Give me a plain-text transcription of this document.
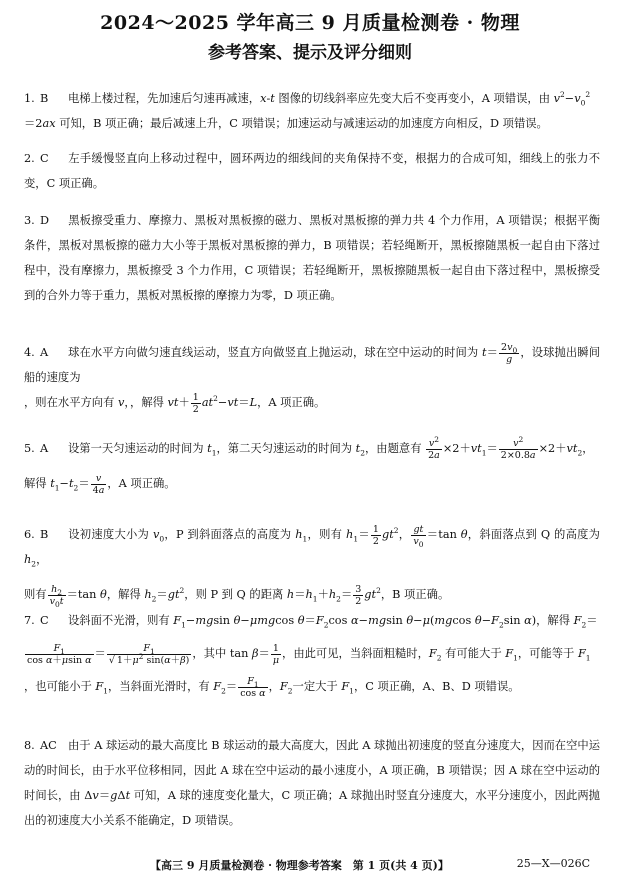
2024～2025 学年高三 9 月质量检测卷 · 物理
参考答案、提示及评分细则

1. B 电梯上楼过程，先加速后匀速再减速，x-t 图像的切线斜率应先变大后不变再变小，A 项错误，由 $v^2-v_0^2$
＝2ax 可知，B 项正确；最后减速上升，C 项错误；加速运动与减速运动的加速度方向相反，D 项错误。

2. C 左手缓慢竖直向上移动过程中，圆环两边的细线间的夹角保持不变，根据力的合成可知，细线上的张力不变，C 项正确。

3. D 黑板擦受重力、摩擦力、黑板对黑板擦的磁力、黑板对黑板擦的弹力共 4 个力作用，A 项错误；根据平衡条件，黑板对黑板擦的磁力大小等于黑板对黑板擦的弹力，B 项错误；若轻绳断开，黑板擦随黑板一起自由下落过程中，没有摩擦力，黑板擦受 3 个力作用，C 项错误；若轻绳断开，黑板擦随黑板一起自由下落过程中，黑板擦受到的合外力等于重力，黑板对黑板擦的摩擦力为零，D 项正确。

4. A 球在水平方向做匀速直线运动，竖直方向做竖直上抛运动，球在空中运动的时间为 $t= \frac{2v_0}{g}$ ，设球抛出瞬间船的速度为
，则在水平方向有 v，，解得 $vt+ \frac{1}{2} at^2-vt=L$，A 项正确。

5. A 设第一天匀速运动的时间为 $t_1$，第二天匀速运动的时间为 $t_2$，由题意有 $\frac{v^2}{2a} \times 2+vt_1= \frac{v^2}{2\times 0.8a} \times 2+vt_2$，

解得 $t_1-t_2= \frac{v}{4a}$ ，A 项正确。

6. B 设初速度大小为 $v_0$，P 到斜面落点的高度为 $h_1$，则有 $h_1= \frac{1}{2} gt^2$， $\frac{gt}{v_0} =\tan$ θ，斜面落点到 Q 的高度为 $h_2$，

则有 $\frac{h_2}{v_0t} =\tan$ θ，解得 $h_2=gt^2$，则 P 到 Q 的距离 $h=h_1+h_2= \frac{3}{2} gt^2$，B 项正确。

7. C 设斜面不光滑，则有 $F_1-mgsin$ θ−μmgcos $\theta=F_2\cos$ α−mgsin θ−μ(mgcos $\theta-F_2\sin$ α)，解得 $F_2=$

$\frac{F_1}{\text{cos α＋μsin α}} = \frac{F_1}{√ 1+\mu^2 \sin(\alpha+\beta)}$ ，其中 $\tan \beta= \frac{1}{\mu}$ ，由此可见，当斜面粗糙时，$F_2$ 有可能大于 $F_1$，可能等于 $F_1$

，也可能小于 $F_1$，当斜面光滑时，有 $F_2= \frac{F_1}{\text{cos α}}$ ，$F_2$一定大于 $F_1$，C 项正确，A、B、D 项错误。

8. AC 由于 A 球运动的最大高度比 B 球运动的最大高度大，因此 A 球抛出初速度的竖直分速度大，因而在空中运动的时间长，由于水平位移相同，因此 A 球在空中运动的最小速度小，A 项正确，B 项错误；因 A 球在空中运动的时间长，由 Δv＝gΔt 可知，A 球的速度变化量大，C 项正确；A 球抛出时竖直分速度大，水平分速度小，因此两抛出的初速度大小关系不能确定，D 项错误。

【高三 9 月质量检测卷 · 物理参考答案　第 1 页(共 4 页)】	25—X—026C
